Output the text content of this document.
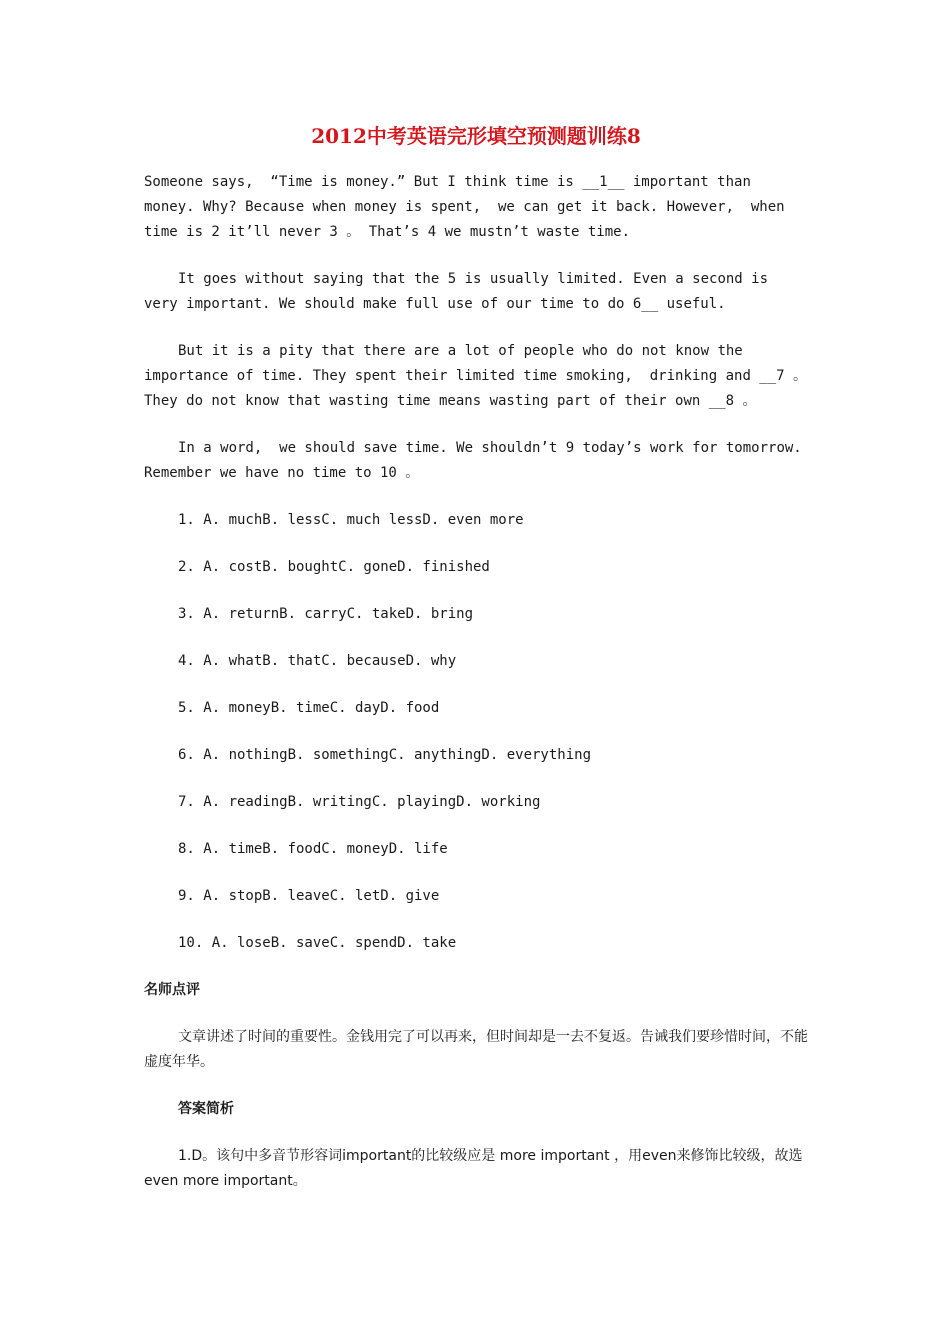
2012中考英语完形填空预测题训练8
Someone says,  “Time is money.” But I think time is __1__ important than money. Why? Because when money is spent,  we can get it back. However,  when time is 2 it’ll never 3 。 That’s 4 we mustn’t waste time.
It goes without saying that the 5 is usually limited. Even a second is very important. We should make full use of our time to do 6__ useful.
But it is a pity that there are a lot of people who do not know the importance of time. They spent their limited time smoking,  drinking and __7 。 They do not know that wasting time means wasting part of their own __8 。
In a word,  we should save time. We shouldn’t 9 today’s work for tomorrow. Remember we have no time to 10 。
1. A. muchB. lessC. much lessD. even more
2. A. costB. boughtC. goneD. finished
3. A. returnB. carryC. takeD. bring
4. A. whatB. thatC. becauseD. why
5. A. moneyB. timeC. dayD. food
6. A. nothingB. somethingC. anythingD. everything
7. A. readingB. writingC. playingD. working
8. A. timeB. foodC. moneyD. life
9. A. stopB. leaveC. letD. give
10. A. loseB. saveC. spendD. take
名师点评
文章讲述了时间的重要性。金钱用完了可以再来，但时间却是一去不复返。告诫我们要珍惜时间，不能虚度年华。
答案简析
1.D。该句中多音节形容词important的比较级应是 more important ，用even来修饰比较级，故选 even more important。
